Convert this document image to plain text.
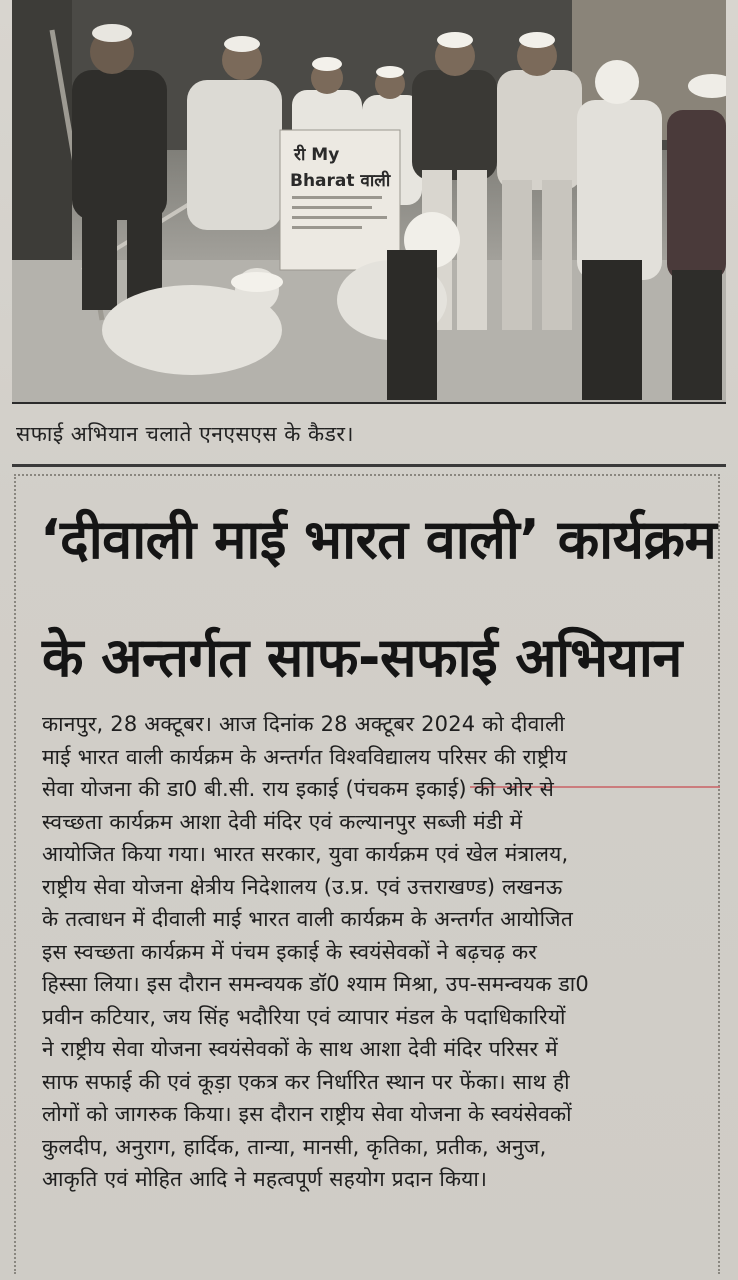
री My
Bharat वाली
सफाई अभियान चलाते एनएसएस के कैडर।
‘दीवाली माई भारत वाली’ कार्यक्रम
के अन्तर्गत साफ-सफाई अभियान
कानपुर, 28 अक्टूबर। आज दिनांक 28 अक्टूबर 2024 को दीवाली
माई भारत वाली कार्यक्रम के अन्तर्गत विश्वविद्यालय परिसर की राष्ट्रीय
सेवा योजना की डा0 बी.सी. राय इकाई (पंचकम इकाई) की ओर से
स्वच्छता कार्यक्रम आशा देवी मंदिर एवं कल्यानपुर सब्जी मंडी में
आयोजित किया गया। भारत सरकार, युवा कार्यक्रम एवं खेल मंत्रालय,
राष्ट्रीय सेवा योजना क्षेत्रीय निदेशालय (उ.प्र. एवं उत्तराखण्ड) लखनऊ
के तत्वाधन में दीवाली माई भारत वाली कार्यक्रम के अन्तर्गत आयोजित
इस स्वच्छता कार्यक्रम में पंचम इकाई के स्वयंसेवकों ने बढ़चढ़ कर
हिस्सा लिया। इस दौरान समन्वयक डॉ0 श्याम मिश्रा, उप-समन्वयक डा0
प्रवीन कटियार, जय सिंह भदौरिया एवं व्यापार मंडल के पदाधिकारियों
ने राष्ट्रीय सेवा योजना स्वयंसेवकों के साथ आशा देवी मंदिर परिसर में
साफ सफाई की एवं कूड़ा एकत्र कर निर्धारित स्थान पर फेंका। साथ ही
लोगों को जागरुक किया। इस दौरान राष्ट्रीय सेवा योजना के स्वयंसेवकों
कुलदीप, अनुराग, हार्दिक, तान्या, मानसी, कृतिका, प्रतीक, अनुज,
आकृति एवं मोहित आदि ने महत्वपूर्ण सहयोग प्रदान किया।
